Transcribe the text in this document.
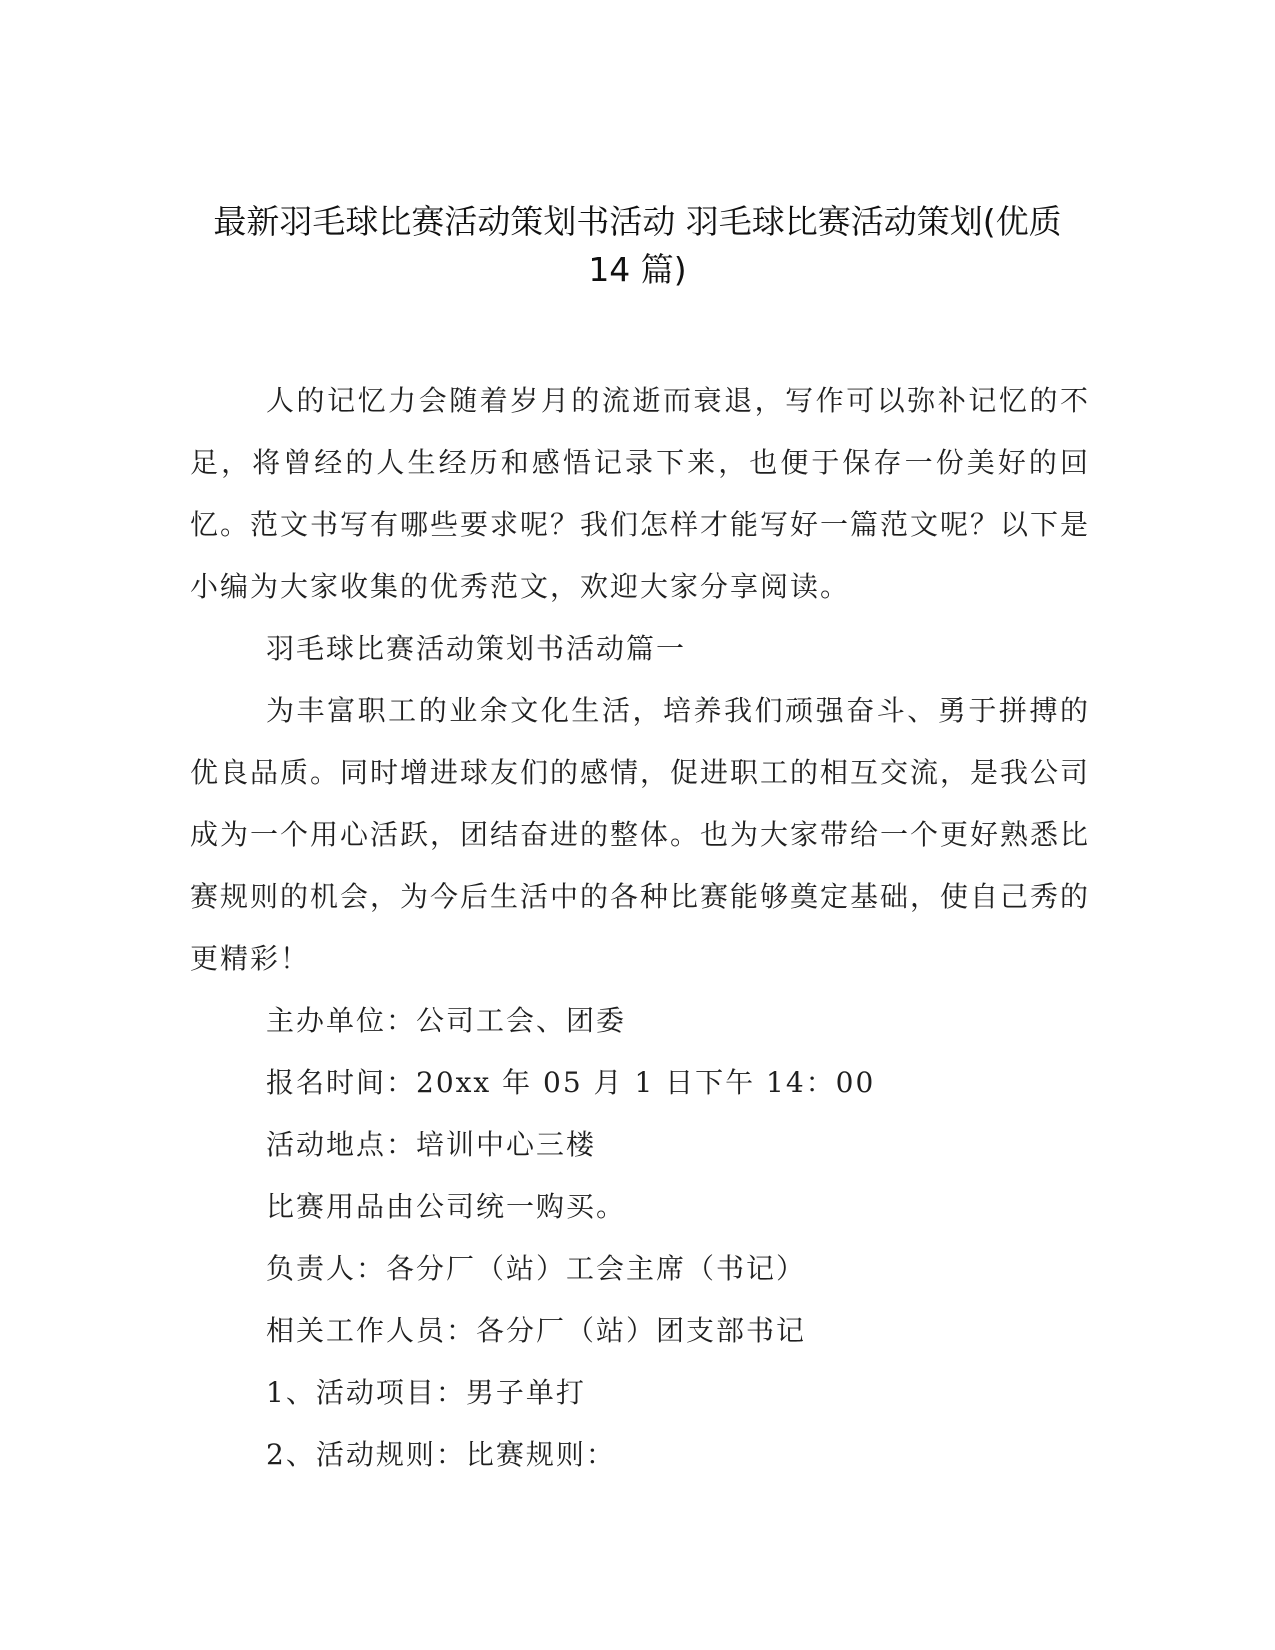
最新羽毛球比赛活动策划书活动 羽毛球比赛活动策划(优质
14 篇)

人的记忆力会随着岁月的流逝而衰退，写作可以弥补记忆的不足，将曾经的人生经历和感悟记录下来，也便于保存一份美好的回忆。范文书写有哪些要求呢？我们怎样才能写好一篇范文呢？以下是小编为大家收集的优秀范文，欢迎大家分享阅读。

羽毛球比赛活动策划书活动篇一

为丰富职工的业余文化生活，培养我们顽强奋斗、勇于拼搏的优良品质。同时增进球友们的感情，促进职工的相互交流，是我公司成为一个用心活跃，团结奋进的整体。也为大家带给一个更好熟悉比赛规则的机会，为今后生活中的各种比赛能够奠定基础，使自己秀的更精彩！

主办单位：公司工会、团委

报名时间：20xx 年 05 月 1 日下午 14：00

活动地点：培训中心三楼

比赛用品由公司统一购买。

负责人：各分厂（站）工会主席（书记）

相关工作人员：各分厂（站）团支部书记

1、活动项目：男子单打

2、活动规则：比赛规则：
